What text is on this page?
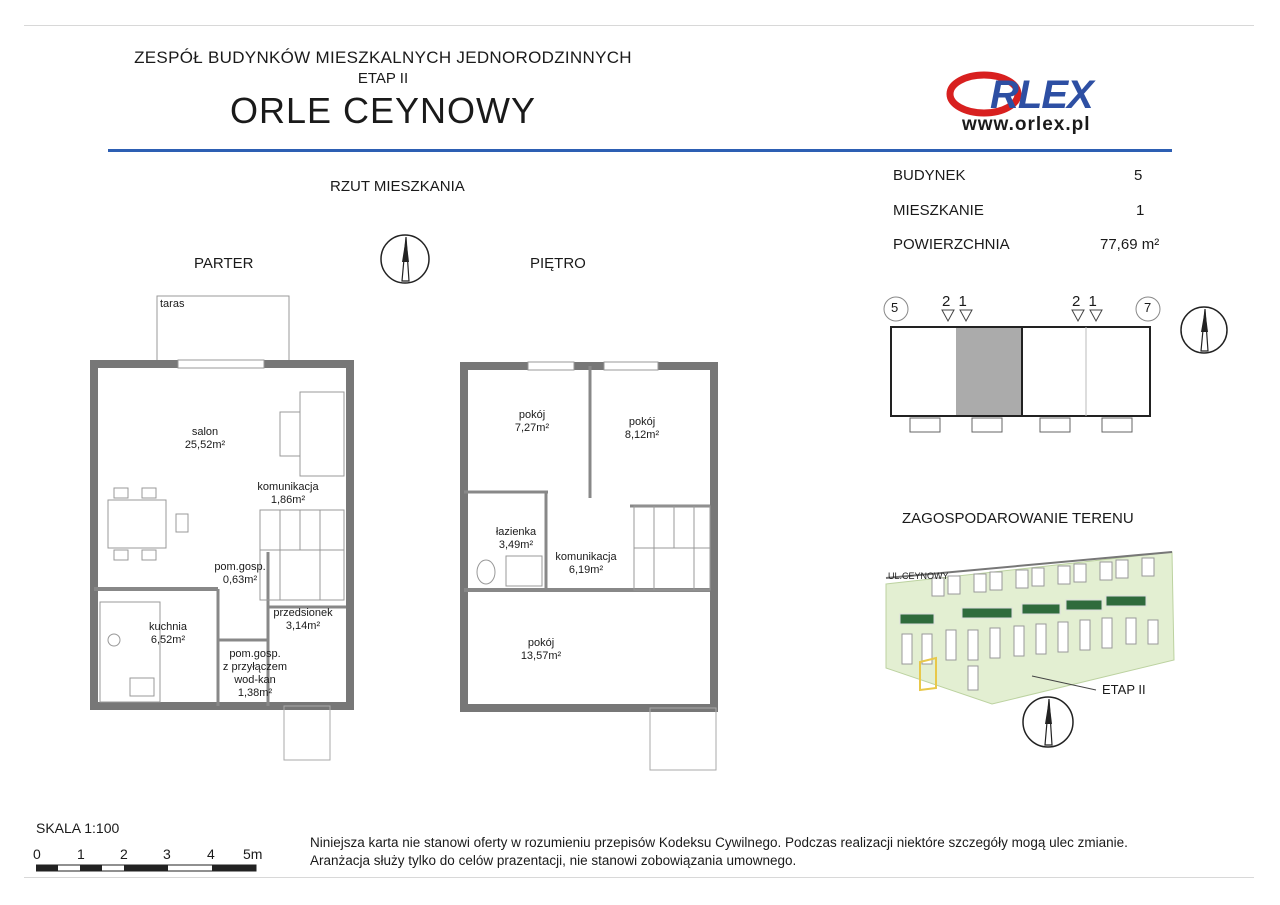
ZESPÓŁ BUDYNKÓW MIESZKALNYCH JEDNORODZINNYCH
ETAP II
ORLE CEYNOWY	RLEX
www.orlex.pl
RZUT MIESZKANIA
PARTER	PIĘTRO
taras
salon
25,52m²
komunikacja
1,86m²
pom.gosp.
0,63m²
przedsionek
3,14m²
kuchnia
6,52m²
pom.gosp.
z przyłączem
wod-kan
1,38m²
pokój
7,27m²	pokój
8,12m²
łazienka
3,49m²
komunikacja
6,19m²
pokój
13,57m²
BUDYNEK	5
MIESZKANIE	1
POWIERZCHNIA	77,69 m²
5	7
2 1	2 1
ZAGOSPODAROWANIE TERENU
UL.CEYNOWY
ETAP II
SKALA 1:100
0	1	2	3	4 5m
Niniejsza karta nie stanowi oferty w rozumieniu przepisów Kodeksu Cywilnego. Podczas realizacji niektóre szczegóły mogą ulec zmianie.
Aranżacja służy tylko do celów prazentacji, nie stanowi zobowiązania umownego.
